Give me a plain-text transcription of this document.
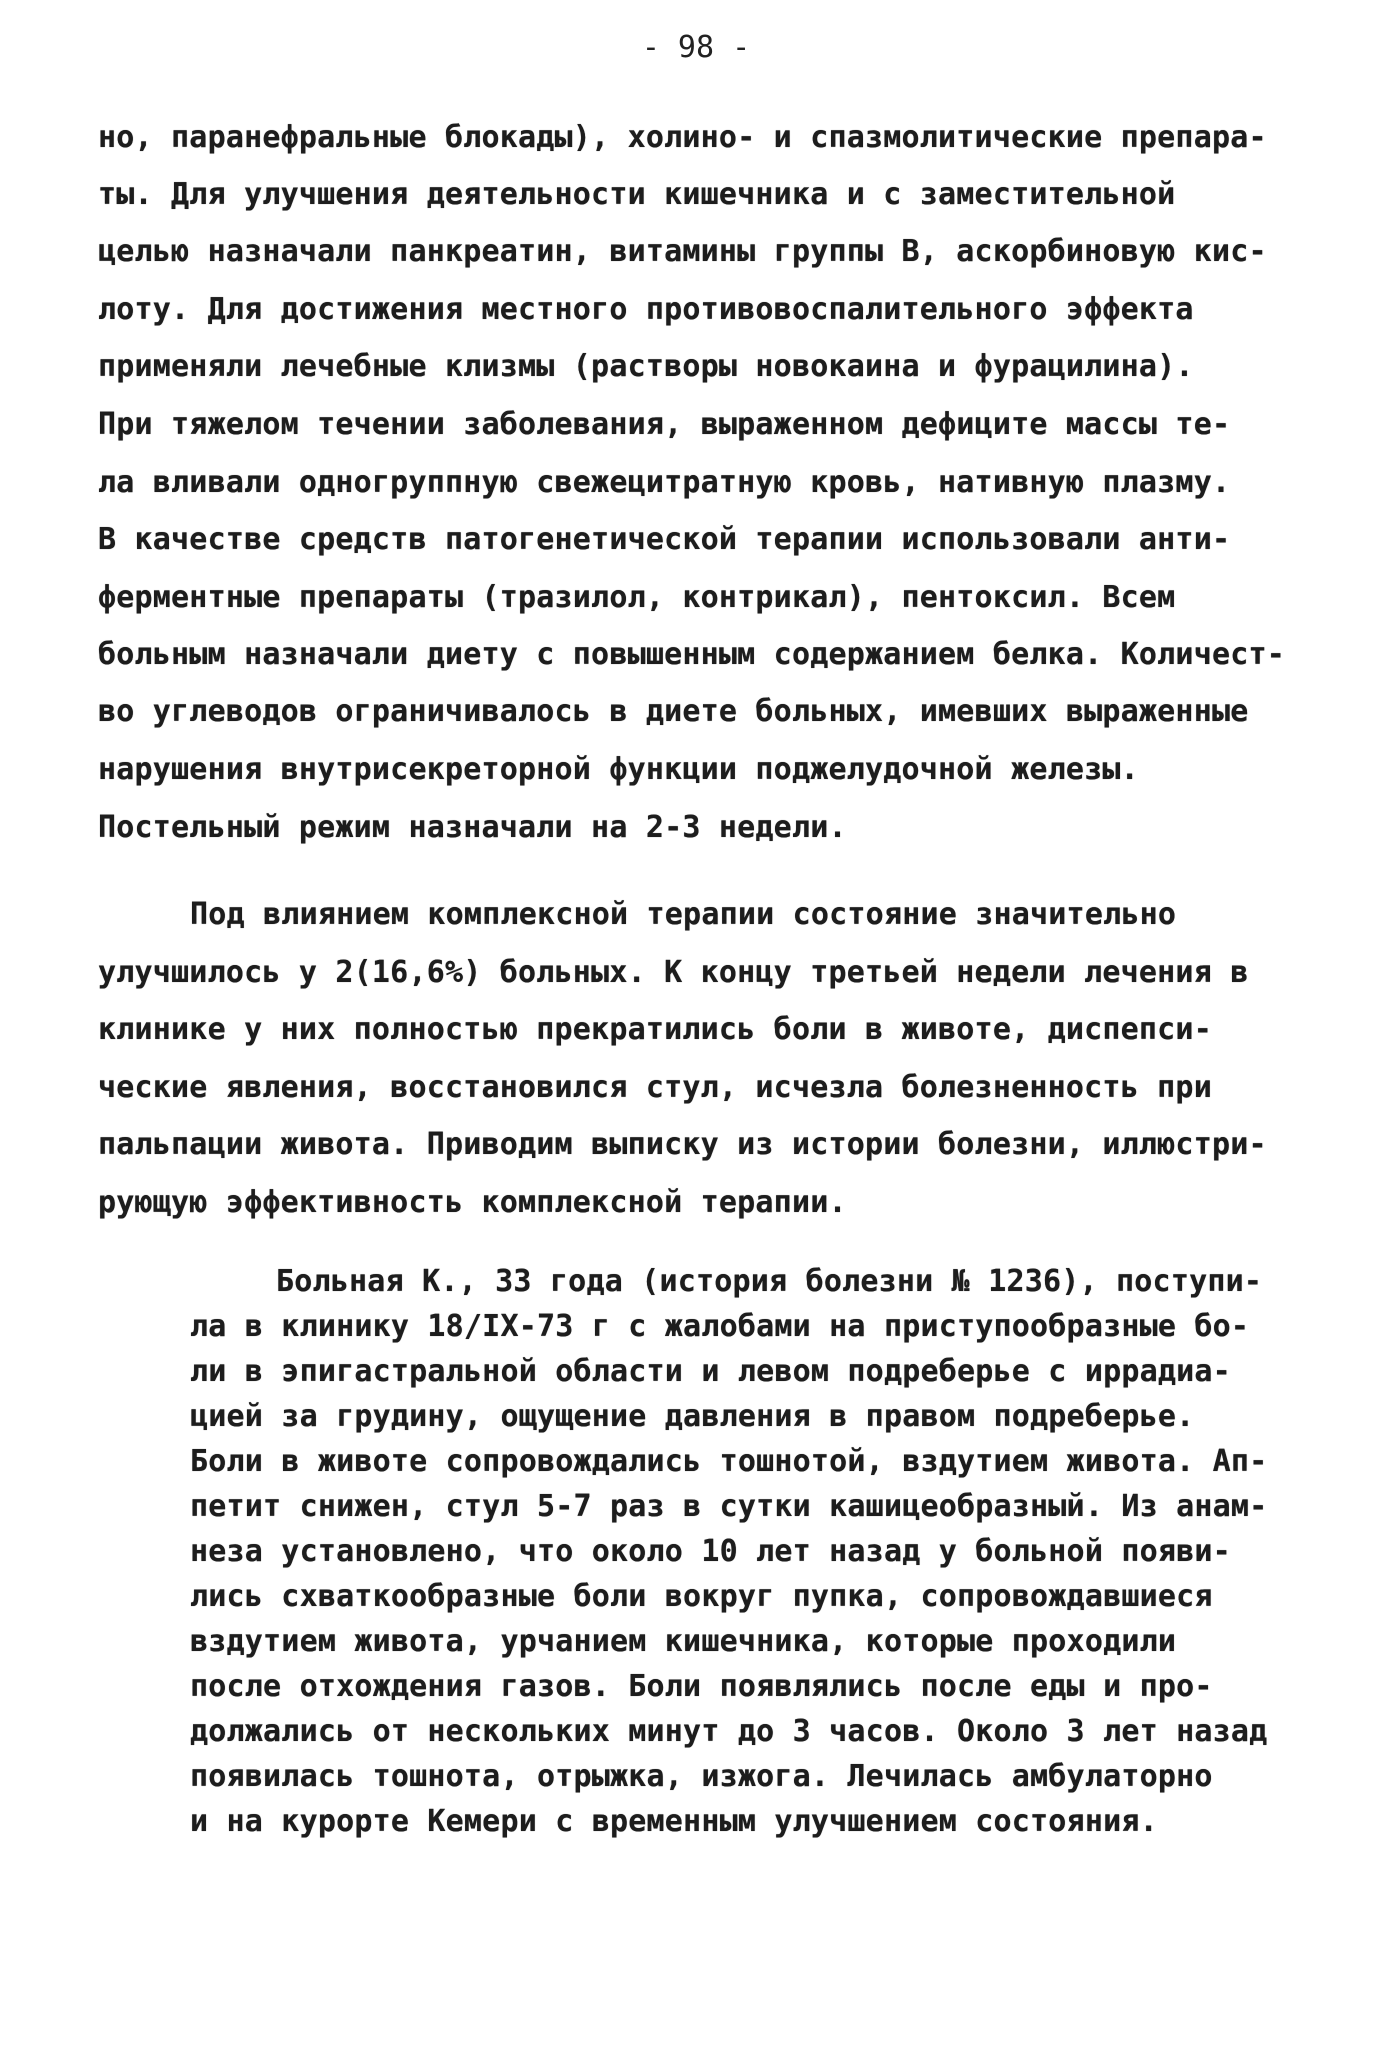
- 98 -
но, паранефральные блокады), холино- и спазмолитические препара-
ты. Для улучшения деятельности кишечника и с заместительной
целью назначали панкреатин, витамины группы В, аскорбиновую кис-
лоту. Для достижения местного противовоспалительного эффекта
применяли лечебные клизмы (растворы новокаина и фурацилина).
При тяжелом течении заболевания, выраженном дефиците массы те-
ла вливали одногруппную свежецитратную кровь, нативную плазму.
В качестве средств патогенетической терапии использовали анти-
ферментные препараты (тразилол, контрикал), пентоксил. Всем
больным назначали диету с повышенным содержанием белка. Количест-
во углеводов ограничивалось в диете больных, имевших выраженные
нарушения внутрисекреторной функции поджелудочной железы.
Постельный режим назначали на 2-3 недели.
Под влиянием комплексной терапии состояние значительно
улучшилось у 2(16,6%) больных. К концу третьей недели лечения в
клинике у них полностью прекратились боли в животе, диспепси-
ческие явления, восстановился стул, исчезла болезненность при
пальпации живота. Приводим выписку из истории болезни, иллюстри-
рующую эффективность комплексной терапии.
Больная К., 33 года (история болезни № 1236), поступи-
ла в клинику 18/IX-73 г с жалобами на приступообразные бо-
ли в эпигастральной области и левом подреберье с иррадиа-
цией за грудину, ощущение давления в правом подреберье.
Боли в животе сопровождались тошнотой, вздутием живота. Ап-
петит снижен, стул 5-7 раз в сутки кашицеобразный. Из анам-
неза установлено, что около 10 лет назад у больной появи-
лись схваткообразные боли вокруг пупка, сопровождавшиеся
вздутием живота, урчанием кишечника, которые проходили
после отхождения газов. Боли появлялись после еды и про-
должались от нескольких минут до 3 часов. Около 3 лет назад
появилась тошнота, отрыжка, изжога. Лечилась амбулаторно
и на курорте Кемери с временным улучшением состояния.
